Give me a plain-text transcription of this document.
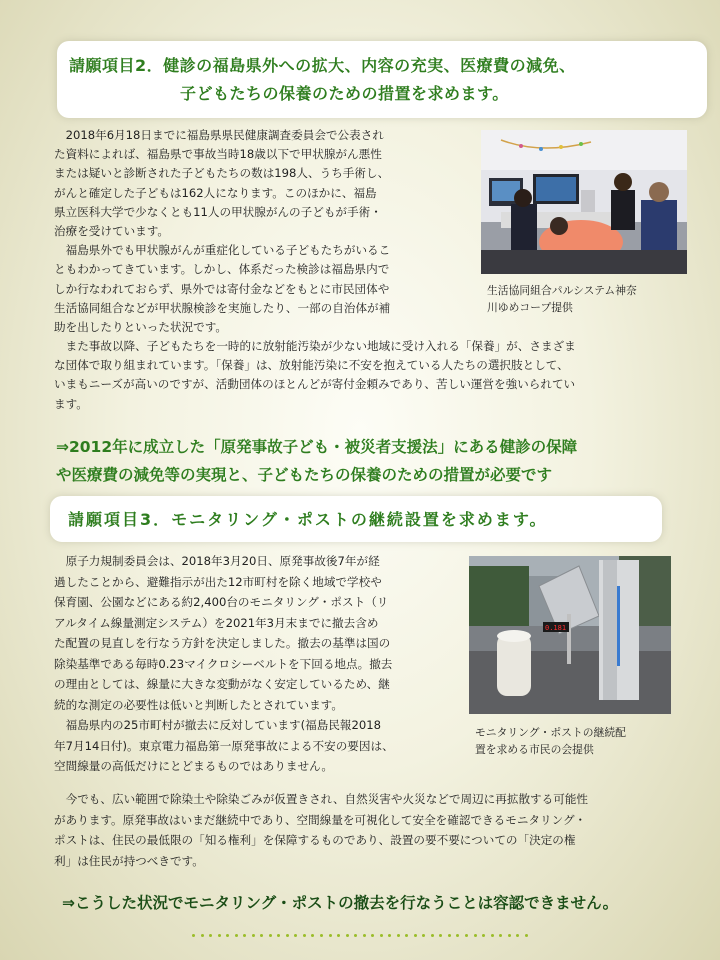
請願項目2．健診の福島県外への拡大、内容の充実、医療費の減免、
子どもたちの保養のための措置を求めます。
　2018年6月18日までに福島県県民健康調査委員会で公表され
た資料によれば、福島県で事故当時18歳以下で甲状腺がん悪性
または疑いと診断された子どもたちの数は198人、うち手術し、
がんと確定した子どもは162人になります。このほかに、福島
県立医科大学で少なくとも11人の甲状腺がんの子どもが手術・
治療を受けています。
　福島県外でも甲状腺がんが重症化している子どもたちがいるこ
ともわかってきています。しかし、体系だった検診は福島県内で
しか行なわれておらず、県外では寄付金などをもとに市民団体や
生活協同組合などが甲状腺検診を実施したり、一部の自治体が補
助を出したりといった状況です。
　また事故以降、子どもたちを一時的に放射能汚染が少ない地域に受け入れる「保養」が、さまざま
な団体で取り組まれています。「保養」は、放射能汚染に不安を抱えている人たちの選択肢として、
いまもニーズが高いのですが、活動団体のほとんどが寄付金頼みであり、苦しい運営を強いられてい
ます。
生活協同組合パルシステム神奈
川ゆめコープ提供
⇒2012年に成立した「原発事故子ども・被災者支援法」にある健診の保障
や医療費の減免等の実現と、子どもたちの保養のための措置が必要です
請願項目3．モニタリング・ポストの継続設置を求めます。
　原子力規制委員会は、2018年3月20日、原発事故後7年が経
過したことから、避難指示が出た12市町村を除く地域で学校や
保育園、公園などにある約2,400台のモニタリング・ポスト（リ
アルタイム線量測定システム）を2021年3月末までに撤去含め
た配置の見直しを行なう方針を決定しました。撤去の基準は国の
除染基準である毎時0.23マイクロシーベルトを下回る地点。撤去
の理由としては、線量に大きな変動がなく安定しているため、継
続的な測定の必要性は低いと判断したとされています。
　福島県内の25市町村が撤去に反対しています(福島民報2018
年7月14日付)。東京電力福島第一原発事故による不安の要因は、
空間線量の高低だけにとどまるものではありません。
0.181
モニタリング・ポストの継続配
置を求める市民の会提供
　今でも、広い範囲で除染土や除染ごみが仮置きされ、自然災害や火災などで周辺に再拡散する可能性
があります。原発事故はいまだ継続中であり、空間線量を可視化して安全を確認できるモニタリング・
ポストは、住民の最低限の「知る権利」を保障するものであり、設置の要不要についての「決定の権
利」は住民が持つべきです。
⇒こうした状況でモニタリング・ポストの撤去を行なうことは容認できません。
